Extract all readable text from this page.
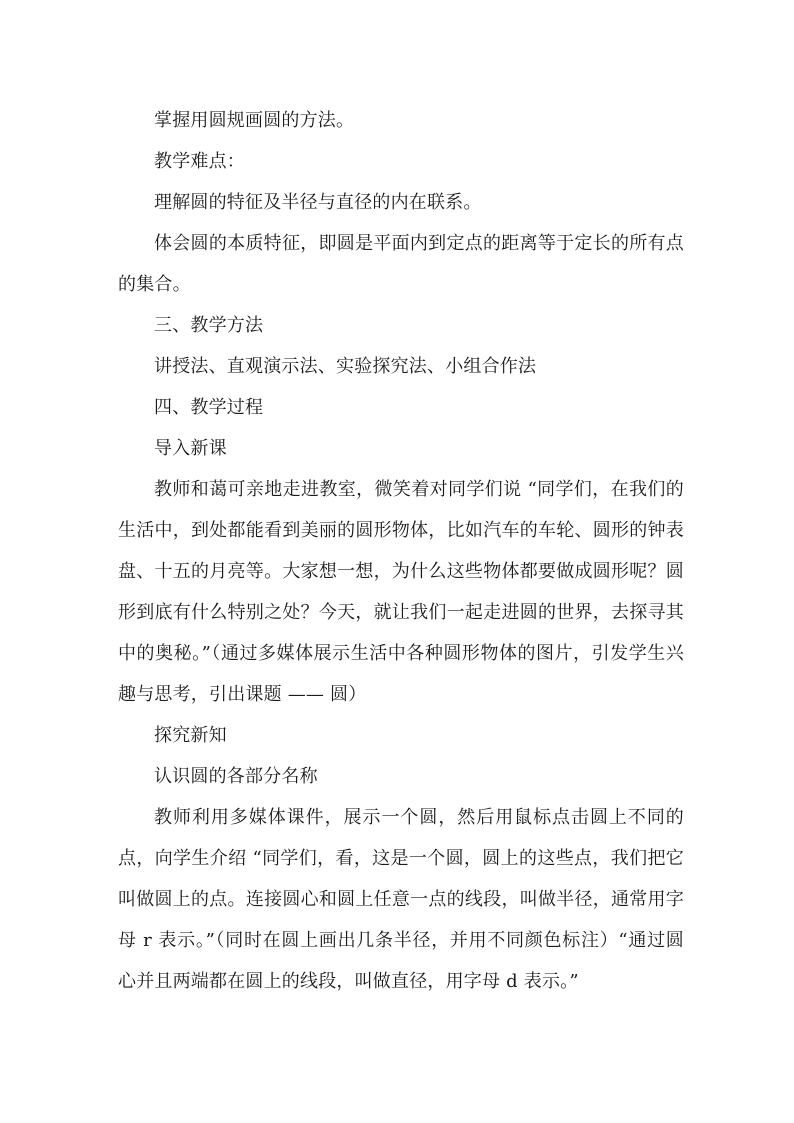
掌握用圆规画圆的方法。

教学难点：

理解圆的特征及半径与直径的内在联系。

体会圆的本质特征，即圆是平面内到定点的距离等于定长的所有点的集合。

三、教学方法

讲授法、直观演示法、实验探究法、小组合作法

四、教学过程

导入新课

教师和蔼可亲地走进教室，微笑着对同学们说 “同学们，在我们的生活中，到处都能看到美丽的圆形物体，比如汽车的车轮、圆形的钟表盘、十五的月亮等。大家想一想，为什么这些物体都要做成圆形呢？圆形到底有什么特别之处？今天，就让我们一起走进圆的世界，去探寻其中的奥秘。”（通过多媒体展示生活中各种圆形物体的图片，引发学生兴趣与思考，引出课题 —— 圆）

探究新知

认识圆的各部分名称

教师利用多媒体课件，展示一个圆，然后用鼠标点击圆上不同的点，向学生介绍 “同学们，看，这是一个圆，圆上的这些点，我们把它叫做圆上的点。连接圆心和圆上任意一点的线段，叫做半径，通常用字母 r 表示。”（同时在圆上画出几条半径，并用不同颜色标注）“通过圆心并且两端都在圆上的线段，叫做直径，用字母 d 表示。”
